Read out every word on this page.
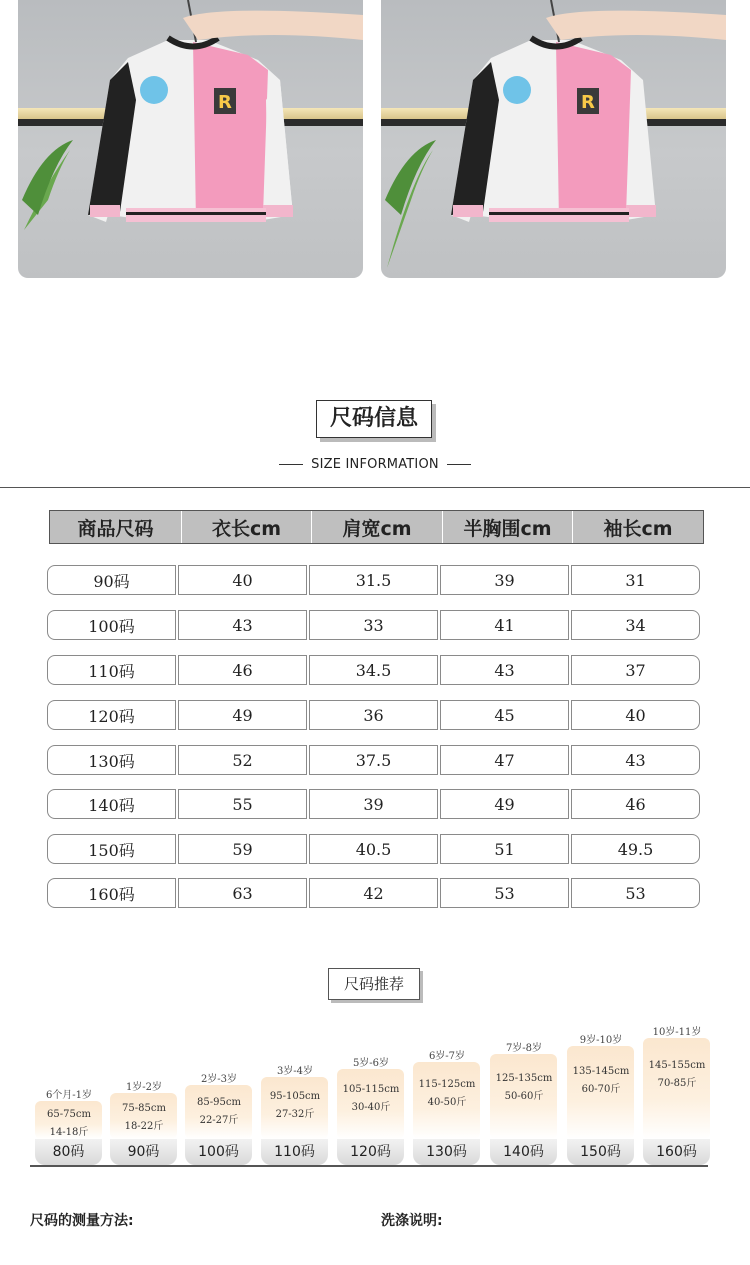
R	R
尺码信息
SIZE INFORMATION
商品尺码	衣长cm	肩宽cm	半胸围cm	袖长cm
90码	40	31.5	39	31
100码	43	33	41	34
110码	46	34.5	43	37
120码	49	36	45	40
130码	52	37.5	47	43
140码	55	39	49	46
150码	59	40.5	51	49.5
160码	63	42	53	53
尺码推荐
6个月-1岁
65-75cm
14-18斤
80码
1岁-2岁
75-85cm
18-22斤
90码
2岁-3岁
85-95cm
22-27斤
100码
3岁-4岁
95-105cm
27-32斤
110码
5岁-6岁
105-115cm
30-40斤
120码
6岁-7岁
115-125cm
40-50斤
130码
7岁-8岁
125-135cm
50-60斤
140码
9岁-10岁
135-145cm
60-70斤
150码
10岁-11岁
145-155cm
70-85斤
160码
尺码的测量方法:	洗涤说明:
